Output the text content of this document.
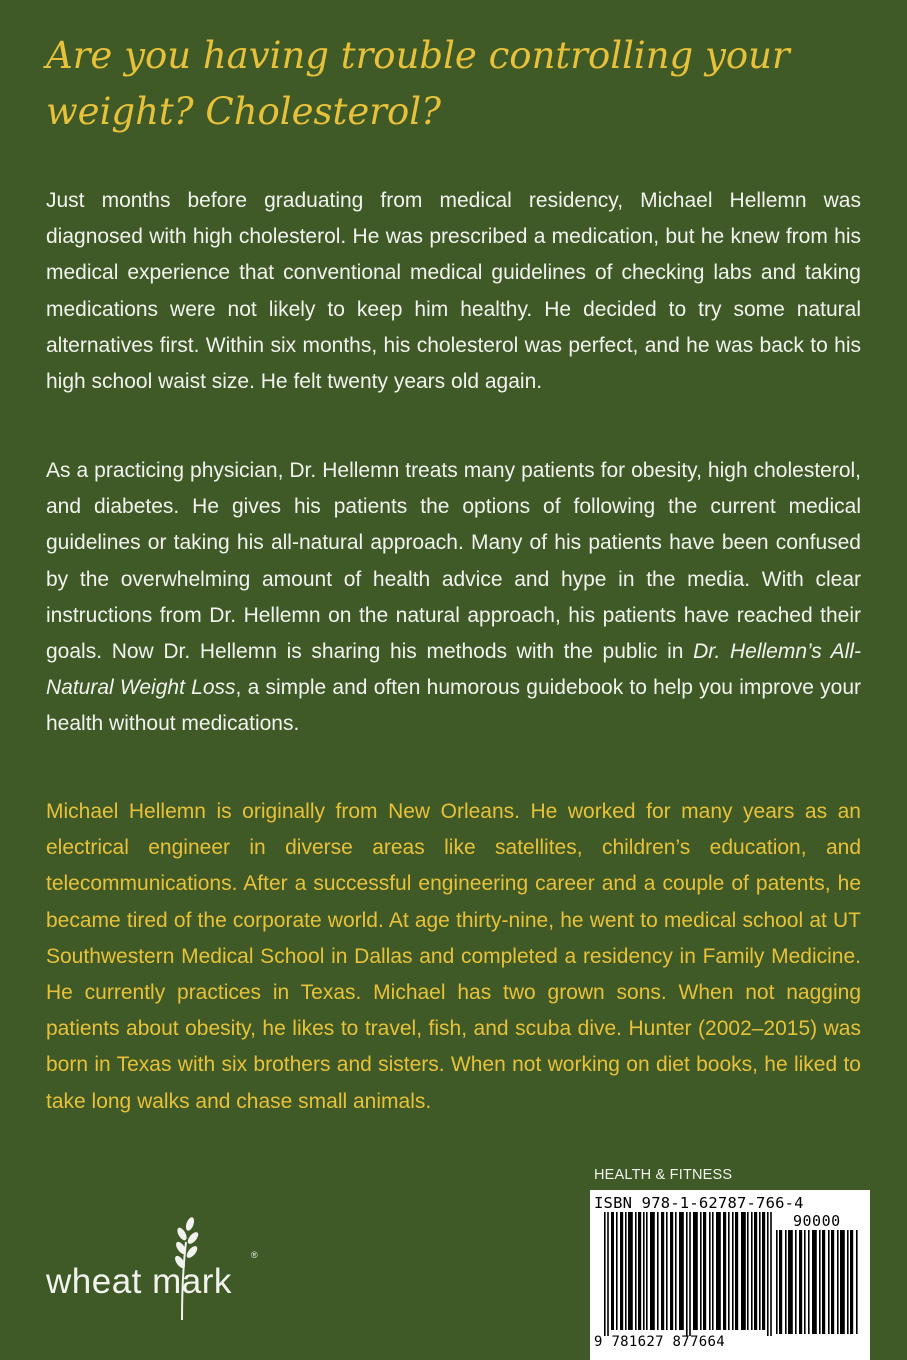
Are you having trouble controlling your weight? Cholesterol?

Just months before graduating from medical residency, Michael Hellemn was diagnosed with high cholesterol. He was prescribed a medication, but he knew from his medical experience that conventional medical guidelines of checking labs and taking medications were not likely to keep him healthy. He decided to try some natural alternatives first. Within six months, his cholesterol was perfect, and he was back to his high school waist size. He felt twenty years old again.

As a practicing physician, Dr. Hellemn treats many patients for obesity, high cholesterol, and diabetes. He gives his patients the options of following the current medical guidelines or taking his all-natural approach. Many of his patients have been confused by the overwhelming amount of health advice and hype in the media. With clear instructions from Dr. Hellemn on the natural approach, his patients have reached their goals. Now Dr. Hellemn is sharing his methods with the public in Dr. Hellemn’s All-Natural Weight Loss, a simple and often humorous guidebook to help you improve your health without medications.

Michael Hellemn is originally from New Orleans. He worked for many years as an electrical engineer in diverse areas like satellites, children’s education, and telecommunications. After a successful engineering career and a couple of patents, he became tired of the corporate world. At age thirty-nine, he went to medical school at UT Southwestern Medical School in Dallas and completed a residency in Family Medicine. He currently practices in Texas. Michael has two grown sons. When not nagging patients about obesity, he likes to travel, fish, and scuba dive. Hunter (2002–2015) was born in Texas with six brothers and sisters. When not working on diet books, he liked to take long walks and chase small animals.

wheat mark
®
HEALTH & FITNESS
ISBN 978-1-62787-766-4
90000
9 781627 877664
